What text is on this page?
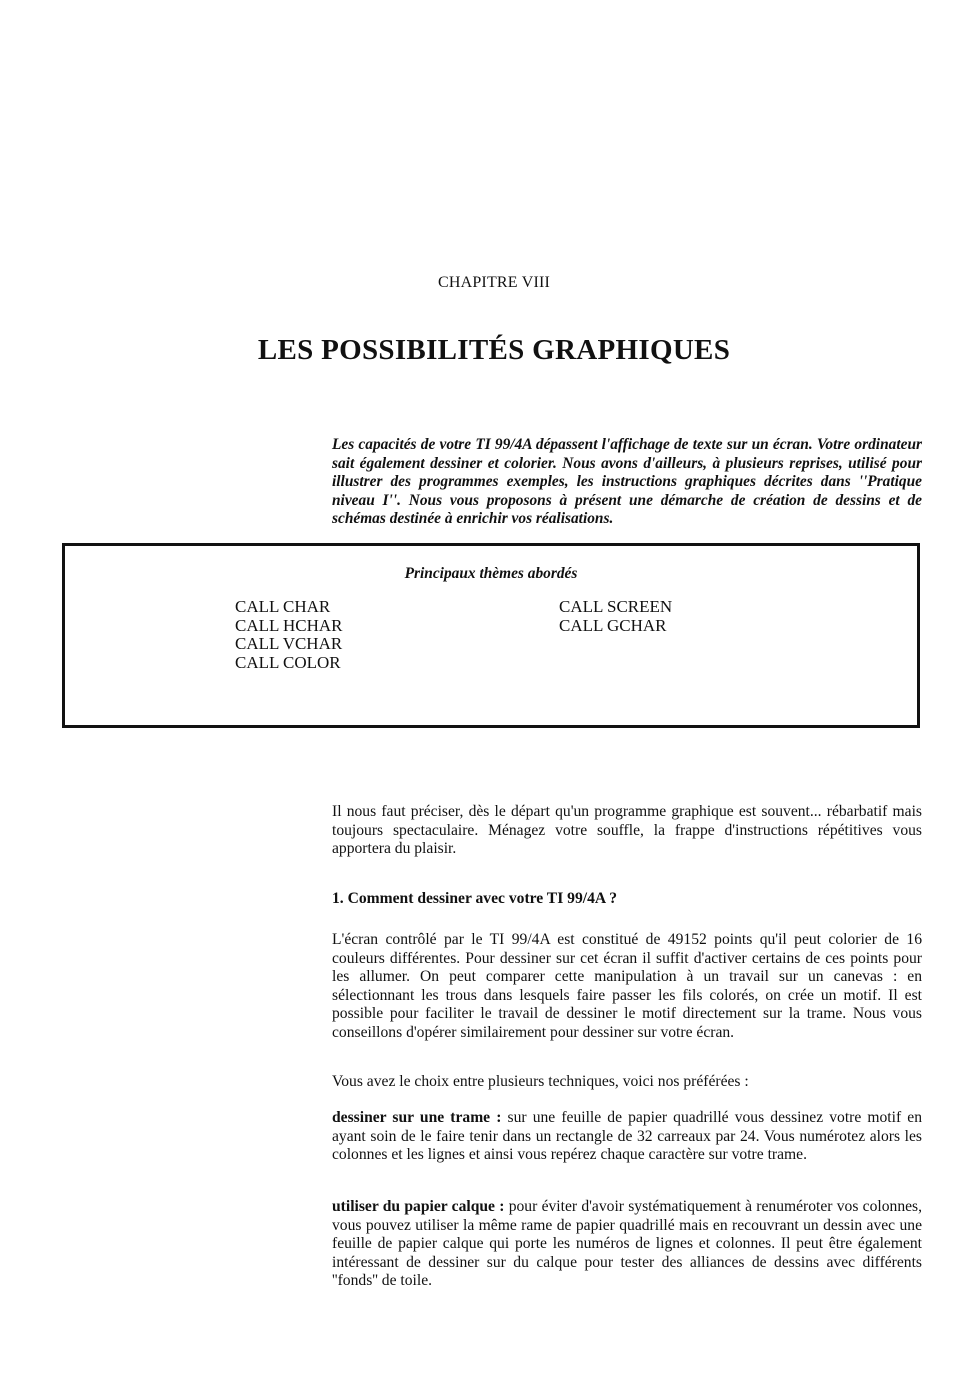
CHAPITRE VIII
LES POSSIBILITÉS GRAPHIQUES
Les capacités de votre TI 99/4A dépassent l'affichage de texte sur un écran. Votre ordinateur sait également dessiner et colorier. Nous avons d'ailleurs, à plusieurs reprises, utilisé pour illustrer des programmes exemples, les instructions graphiques décrites dans ''Pratique niveau I''. Nous vous proposons à présent une démarche de création de dessins et de schémas destinée à enrichir vos réalisations.
Principaux thèmes abordés
CALL CHAR
CALL HCHAR
CALL VCHAR
CALL COLOR
CALL SCREEN
CALL GCHAR
Il nous faut préciser, dès le départ qu'un programme graphique est souvent... rébarbatif mais toujours spectaculaire. Ménagez votre souffle, la frappe d'instructions répétitives vous apportera du plaisir.
1. Comment dessiner avec votre TI 99/4A ?
L'écran contrôlé par le TI 99/4A est constitué de 49152 points qu'il peut colorier de 16 couleurs différentes. Pour dessiner sur cet écran il suffit d'activer certains de ces points pour les allumer. On peut comparer cette manipulation à un travail sur un canevas : en sélectionnant les trous dans lesquels faire passer les fils colorés, on crée un motif. Il est possible pour faciliter le travail de dessiner le motif directement sur la trame. Nous vous conseillons d'opérer similairement pour dessiner sur votre écran.
Vous avez le choix entre plusieurs techniques, voici nos préférées :
dessiner sur une trame : sur une feuille de papier quadrillé vous dessinez votre motif en ayant soin de le faire tenir dans un rectangle de 32 carreaux par 24. Vous numérotez alors les colonnes et les lignes et ainsi vous repérez chaque caractère sur votre trame.
utiliser du papier calque : pour éviter d'avoir systématiquement à renuméroter vos colonnes, vous pouvez utiliser la même rame de papier quadrillé mais en recouvrant un dessin avec une feuille de papier calque qui porte les numéros de lignes et colonnes. Il peut être également intéressant de dessiner sur du calque pour tester des alliances de dessins avec différents ''fonds'' de toile.
